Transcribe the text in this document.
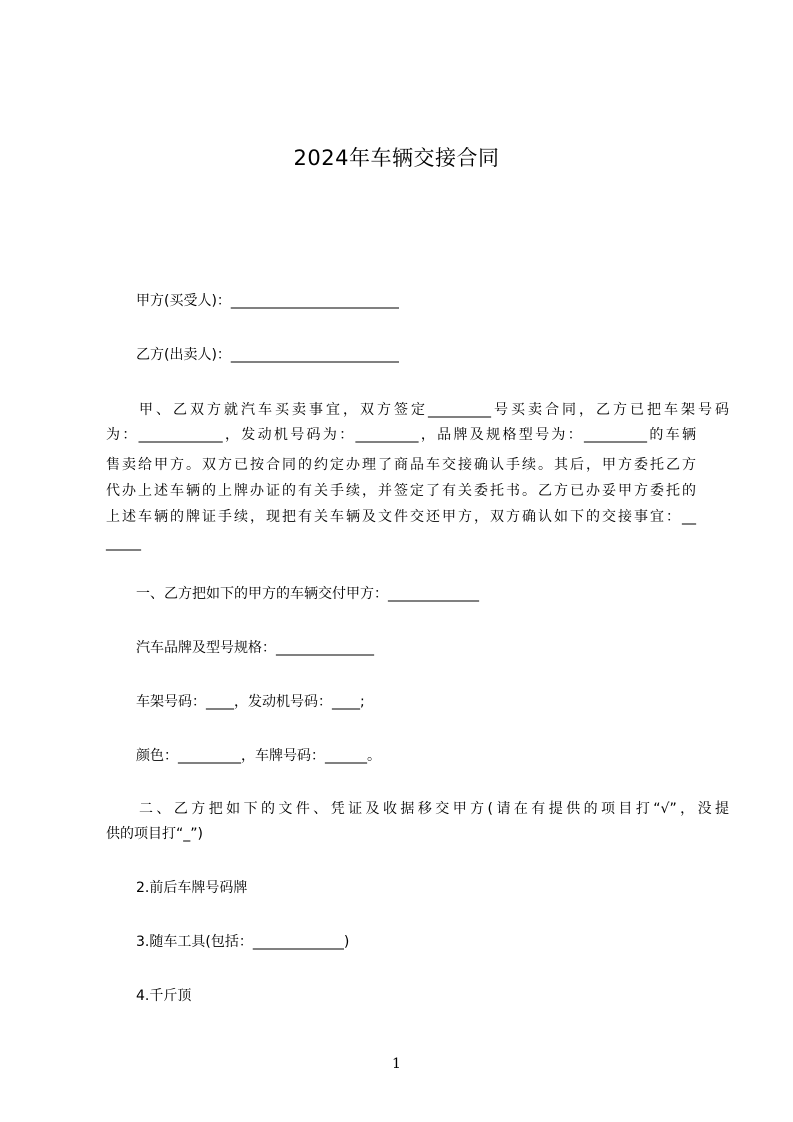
2024年车辆交接合同
甲方(买受人)：________________________
乙方(出卖人)：________________________
甲、乙双方就汽车买卖事宜，双方签定_________号买卖合同，乙方已把车架号码
为：____________，发动机号码为：_________，品牌及规格型号为：_________的车辆
售卖给甲方。双方已按合同的约定办理了商品车交接确认手续。其后，甲方委托乙方
代办上述车辆的上牌办证的有关手续，并签定了有关委托书。乙方已办妥甲方委托的
上述车辆的牌证手续，现把有关车辆及文件交还甲方，双方确认如下的交接事宜：__
_____
一、乙方把如下的甲方的车辆交付甲方：_____________
汽车品牌及型号规格：______________
车架号码：____，发动机号码：____;
颜色：_________，车牌号码：______。
二、乙方把如下的文件、凭证及收据移交甲方(请在有提供的项目打“√”，没提
供的项目打“_”)
2.前后车牌号码牌
3.随车工具(包括：_____________)
4.千斤顶
1
